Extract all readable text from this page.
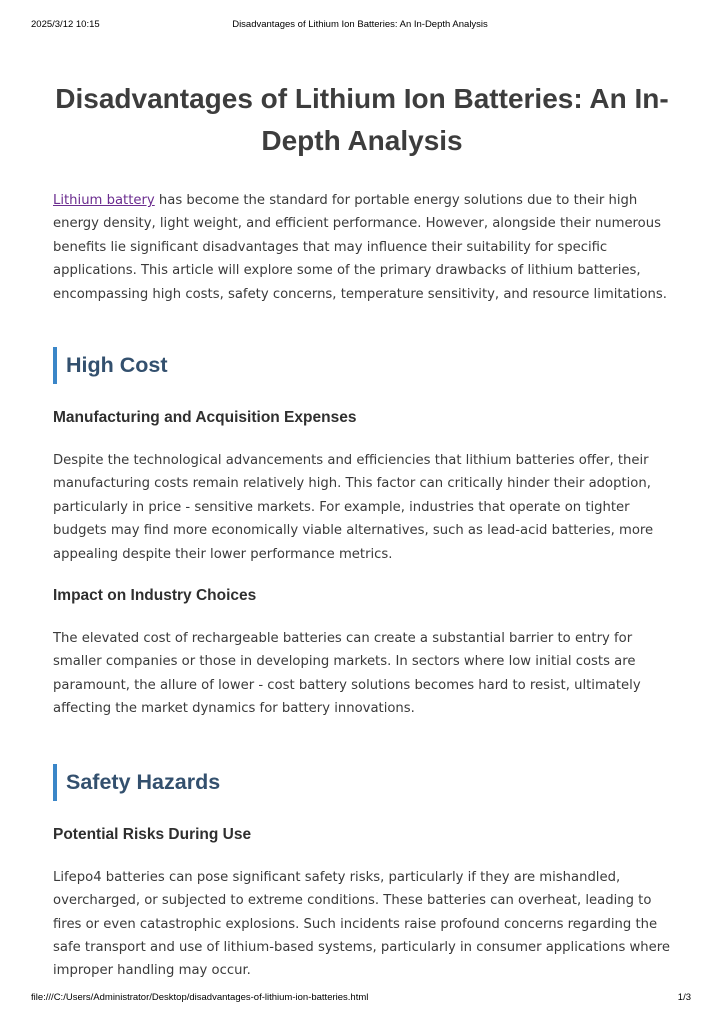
Disadvantages of Lithium Ion Batteries: An In-Depth Analysis
2025/3/12 10:15
Disadvantages of Lithium Ion Batteries: An In-Depth Analysis

Lithium battery has become the standard for portable energy solutions due to their high energy density, light weight, and efficient performance. However, alongside their numerous benefits lie significant disadvantages that may influence their suitability for specific applications. This article will explore some of the primary drawbacks of lithium batteries, encompassing high costs, safety concerns, temperature sensitivity, and resource limitations.

High Cost
Manufacturing and Acquisition Expenses

Despite the technological advancements and efficiencies that lithium batteries offer, their manufacturing costs remain relatively high. This factor can critically hinder their adoption, particularly in price - sensitive markets. For example, industries that operate on tighter budgets may find more economically viable alternatives, such as lead-acid batteries, more appealing despite their lower performance metrics.

Impact on Industry Choices

The elevated cost of rechargeable batteries can create a substantial barrier to entry for smaller companies or those in developing markets. In sectors where low initial costs are paramount, the allure of lower - cost battery solutions becomes hard to resist, ultimately affecting the market dynamics for battery innovations.

Safety Hazards
Potential Risks During Use

Lifepo4 batteries can pose significant safety risks, particularly if they are mishandled, overcharged, or subjected to extreme conditions. These batteries can overheat, leading to fires or even catastrophic explosions. Such incidents raise profound concerns regarding the safe transport and use of lithium-based systems, particularly in consumer applications where improper handling may occur.

file:///C:/Users/Administrator/Desktop/disadvantages-of-lithium-ion-batteries.html	1/3
